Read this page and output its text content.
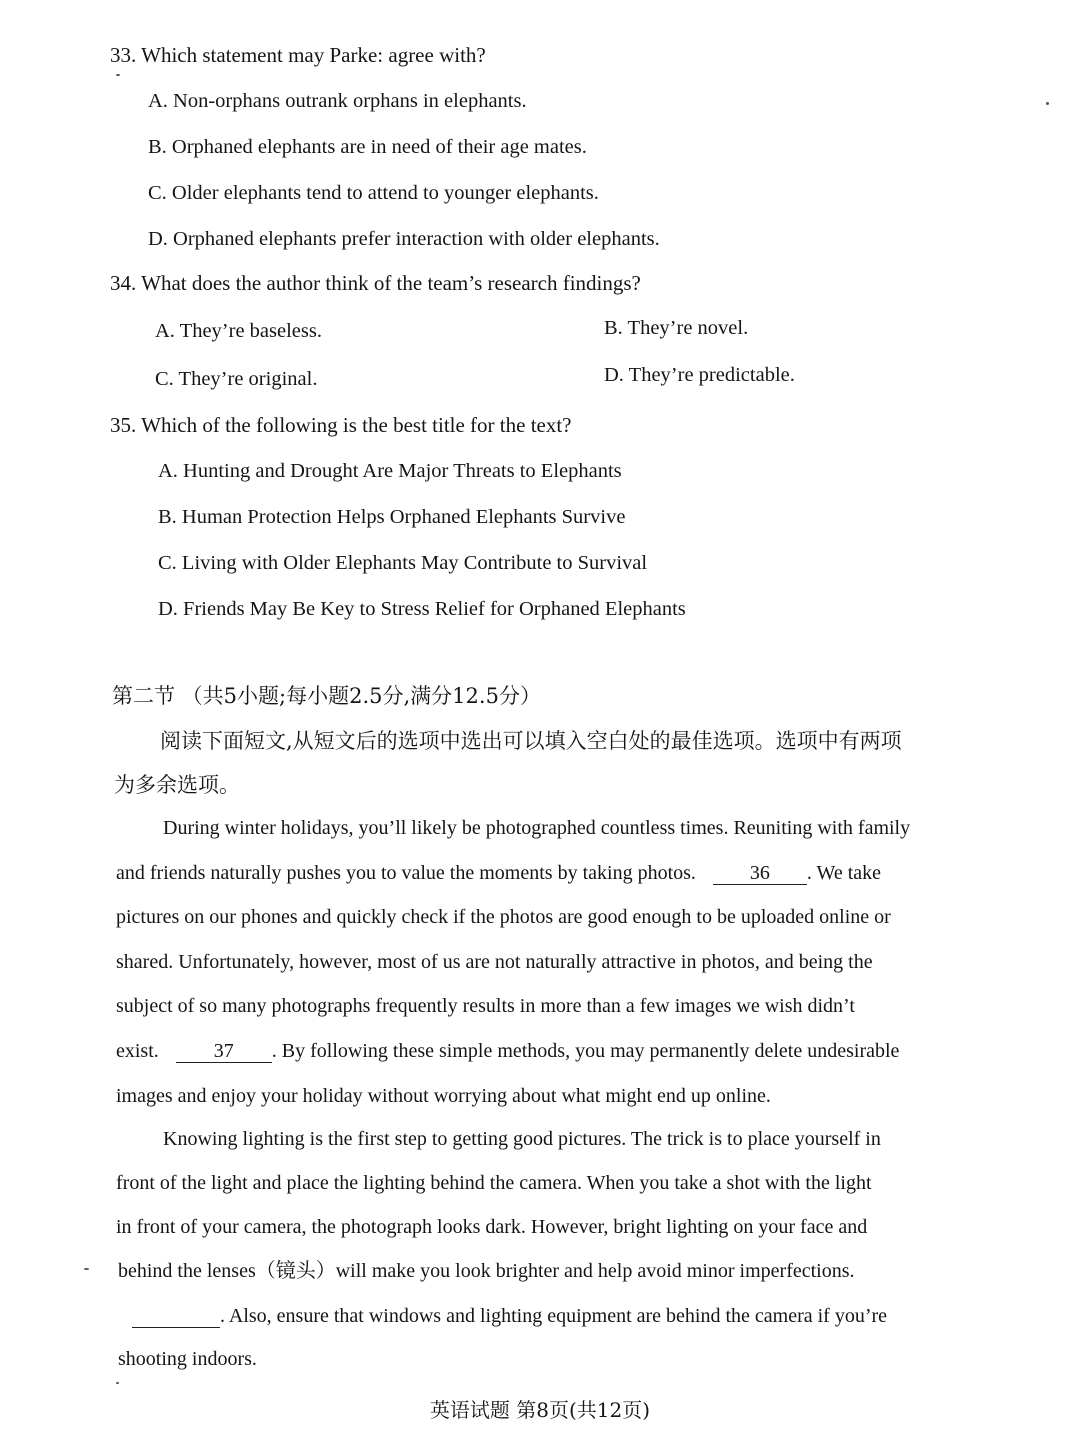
33. Which statement may Parke: agree with?
A. Non-orphans outrank orphans in elephants.
B. Orphaned elephants are in need of their age mates.
C. Older elephants tend to attend to younger elephants.
D. Orphaned elephants prefer interaction with older elephants.
34. What does the author think of the team’s research findings?
A. They’re baseless.	B. They’re novel.
C. They’re original.	D. They’re predictable.
35. Which of the following is the best title for the text?
A. Hunting and Drought Are Major Threats to Elephants
B. Human Protection Helps Orphaned Elephants Survive
C. Living with Older Elephants May Contribute to Survival
D. Friends May Be Key to Stress Relief for Orphaned Elephants
第二节 （共5小题;每小题2.5分,满分12.5分）
阅读下面短文,从短文后的选项中选出可以填入空白处的最佳选项。选项中有两项
为多余选项。
During winter holidays, you’ll likely be photographed countless times. Reuniting with family
and friends naturally pushes you to value the moments by taking photos.	36 . We take
pictures on our phones and quickly check if the photos are good enough to be uploaded online or
shared. Unfortunately, however, most of us are not naturally attractive in photos, and being the
subject of so many photographs frequently results in more than a few images we wish didn’t
exist.	37 . By following these simple methods, you may permanently delete undesirable
images and enjoy your holiday without worrying about what might end up online.
Knowing lighting is the first step to getting good pictures. The trick is to place yourself in
front of the light and place the lighting behind the camera. When you take a shot with the light
in front of your camera, the photograph looks dark. However, bright lighting on your face and
behind the lenses（镜头）will make you look brighter and help avoid minor imperfections.
. Also, ensure that windows and lighting equipment are behind the camera if you’re
shooting indoors.
英语试题 第8页(共12页)
